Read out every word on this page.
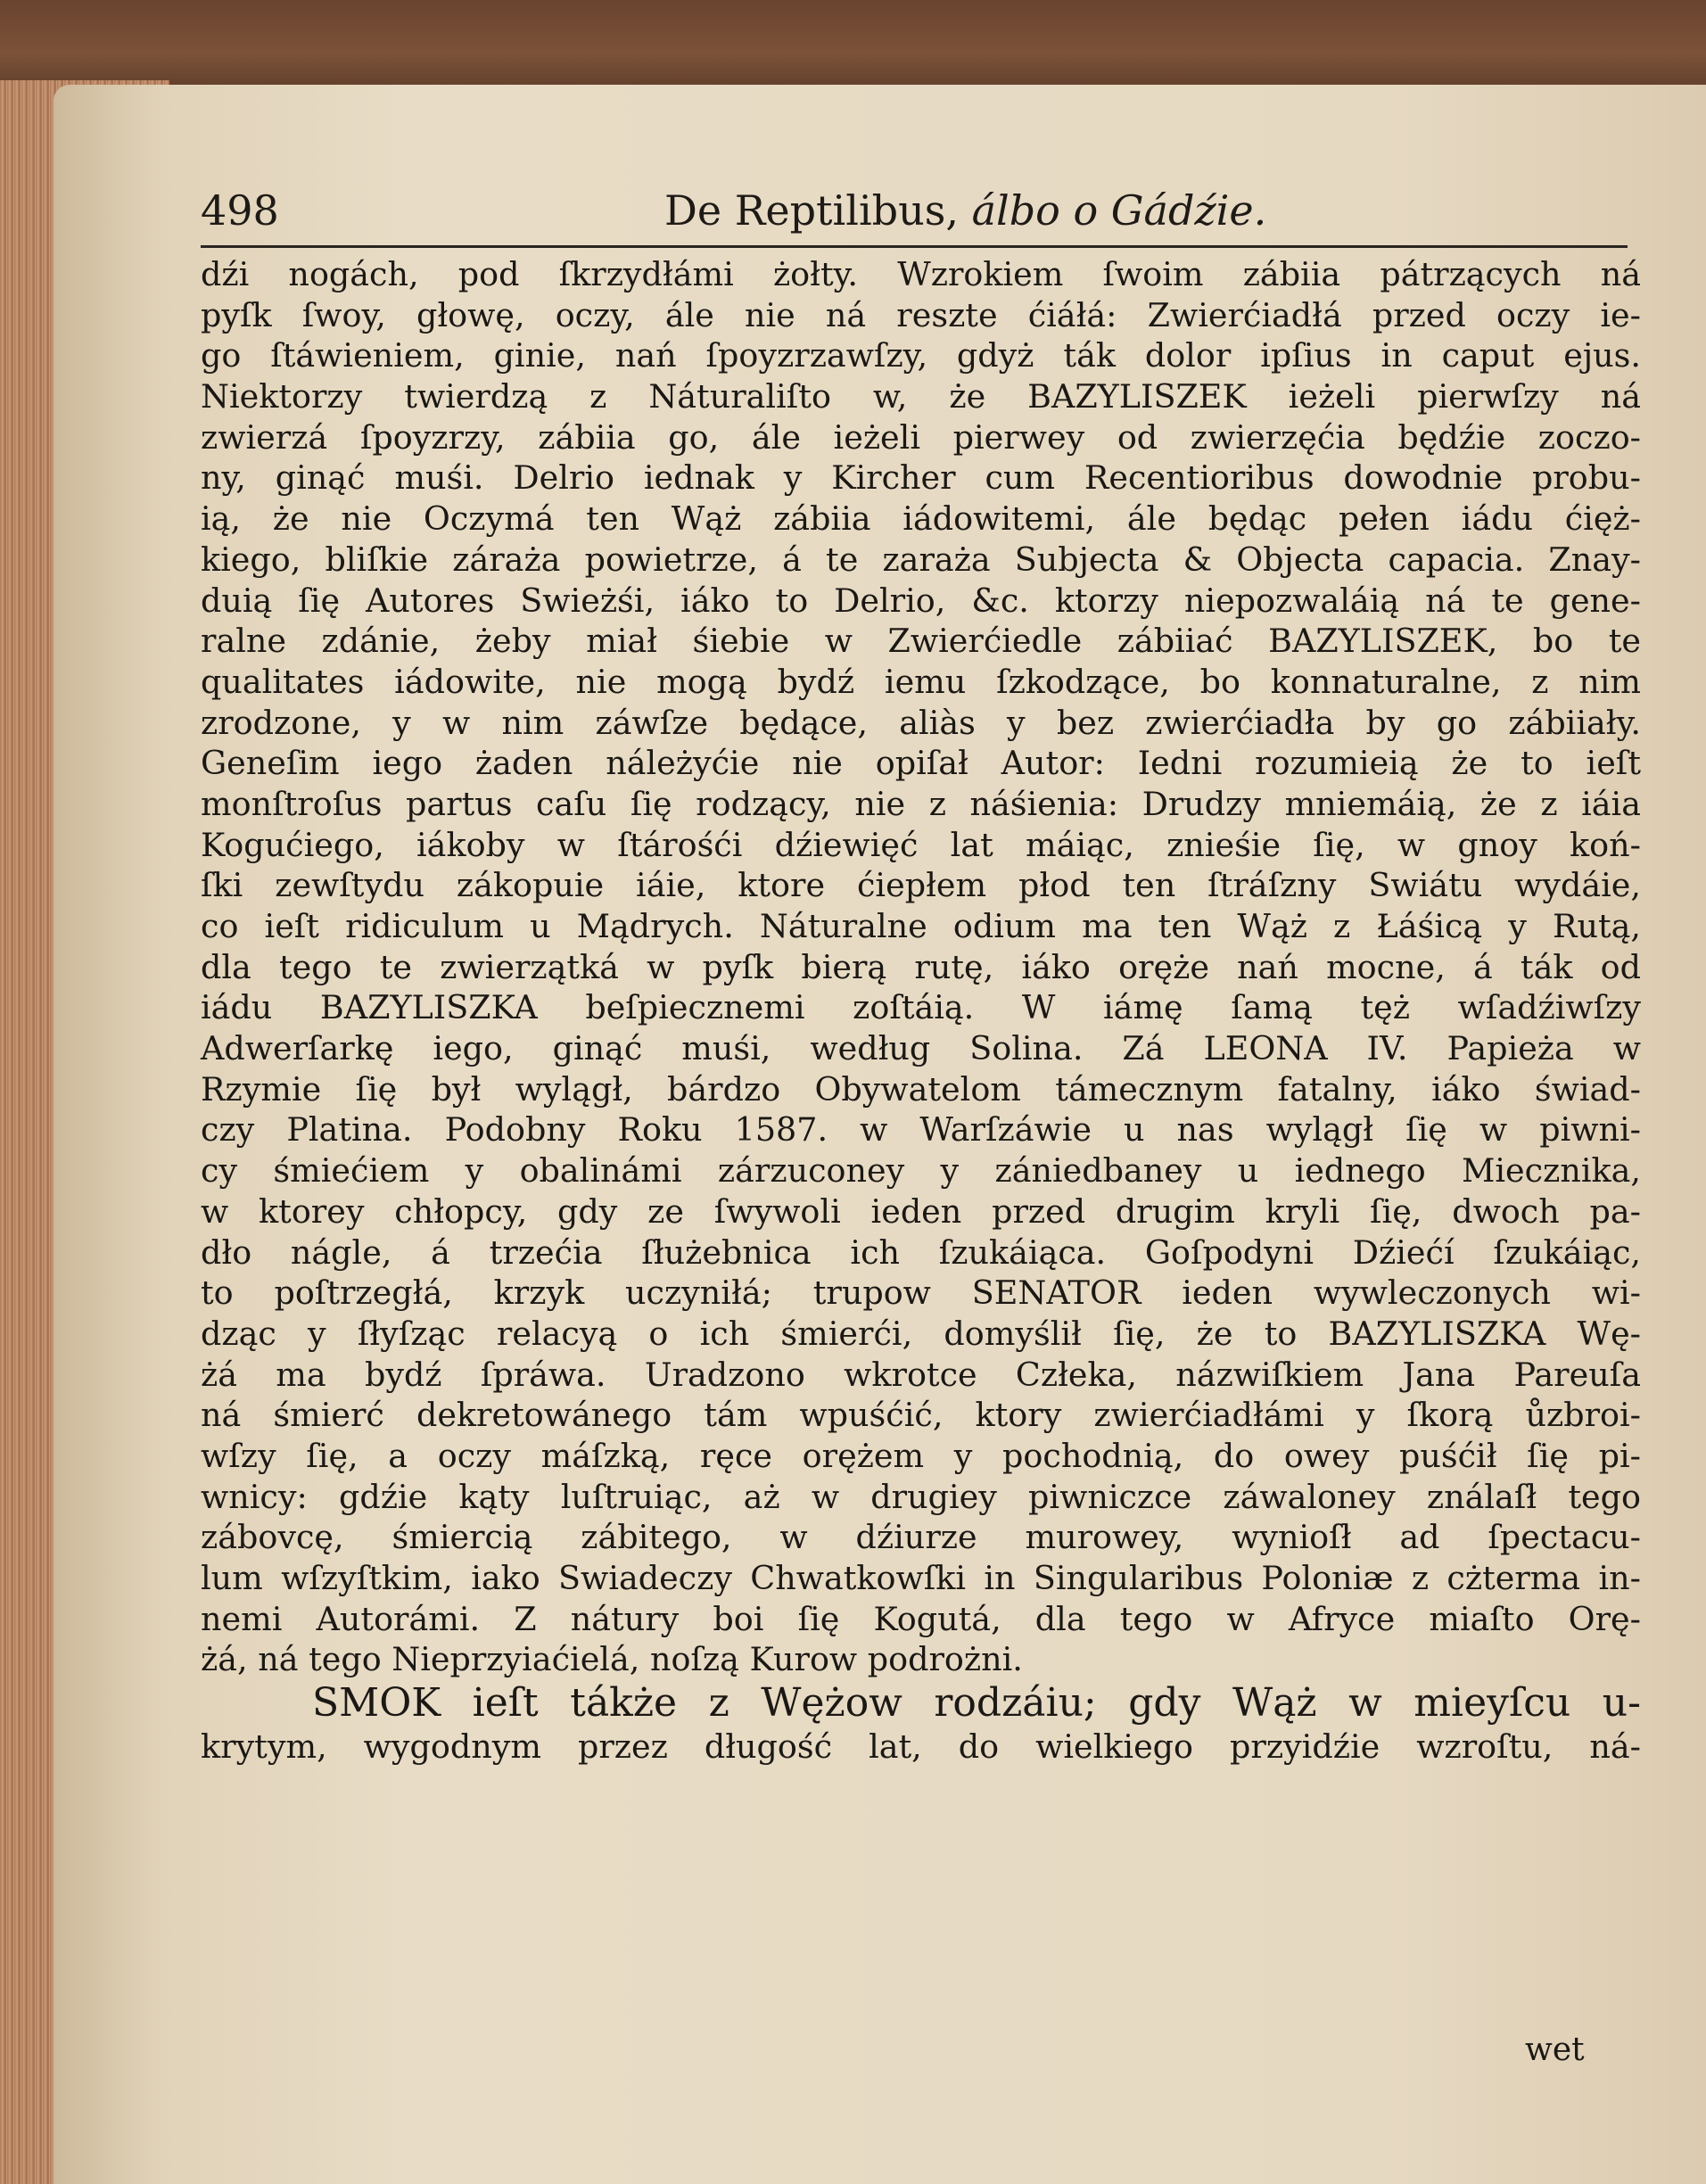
498	De Reptilibus, álbo o Gádźie.
dźi nogách, pod ſkrzydłámi żołty. Wzrokiem ſwoim zábiia pátrzących ná
pyſk ſwoy, głowę, oczy, ále nie ná reszte ćiáłá: Zwierćiadłá przed oczy ie-
go ſtáwieniem, ginie, nań ſpoyzrzawſzy, gdyż ták dolor ipſius in caput ejus.
Niektorzy twierdzą z Náturaliſto w, że BAZYLISZEK ieżeli pierwſzy ná
zwierzá ſpoyzrzy, zábiia go, ále ieżeli pierwey od zwierzęćia będźie zoczo-
ny, ginąć muśi. Delrio iednak y Kircher cum Recentioribus dowodnie probu-
ią, że nie Oczymá ten Wąż zábiia iádowitemi, ále będąc pełen iádu ćięż-
kiego, bliſkie záraża powietrze, á te zaraża Subjecta & Objecta capacia. Znay-
duią ſię Autores Swieżśi, iáko to Delrio, &c. ktorzy niepozwaláią ná te gene-
ralne zdánie, żeby miał śiebie w Zwierćiedle zábiiać BAZYLISZEK, bo te
qualitates iádowite, nie mogą bydź iemu ſzkodzące, bo konnaturalne, z nim
zrodzone, y w nim záwſze będące, aliàs y bez zwierćiadła by go zábiiały.
Geneſim iego żaden náleżyćie nie opiſał Autor: Iedni rozumieią że to ieſt
monſtroſus partus caſu ſię rodzący, nie z náśienia: Drudzy mniemáią, że z iáia
Kogućiego, iákoby w ſtárośći dźiewięć lat máiąc, znieśie ſię, w gnoy koń-
ſki zewſtydu zákopuie iáie, ktore ćiepłem płod ten ſtráſzny Swiátu wydáie,
co ieſt ridiculum u Mądrych. Náturalne odium ma ten Wąż z Łáśicą y Rutą,
dla tego te zwierzątká w pyſk bierą rutę, iáko oręże nań mocne, á ták od
iádu BAZYLISZKA beſpiecznemi zoſtáią. W iámę ſamą tęż wſadźiwſzy
Adwerſarkę iego, ginąć muśi, według Solina. Zá LEONA IV. Papieża w
Rzymie ſię był wylągł, bárdzo Obywatelom támecznym fatalny, iáko świad-
czy Platina. Podobny Roku 1587. w Warſzáwie u nas wylągł ſię w piwni-
cy śmiećiem y obalinámi zárzuconey y zániedbaney u iednego Miecznika,
w ktorey chłopcy, gdy ze ſwywoli ieden przed drugim kryli ſię, dwoch pa-
dło nágle, á trzećia ſłużebnica ich ſzukáiąca. Goſpodyni Dźiećí ſzukáiąc,
to poſtrzegłá, krzyk uczyniłá; trupow SENATOR ieden wywleczonych wi-
dząc y ſłyſząc relacyą o ich śmierći, domyślił ſię, że to BAZYLISZKA Wę-
żá ma bydź ſpráwa. Uradzono wkrotce Człeka, názwiſkiem Jana Pareuſa
ná śmierć dekretowánego tám wpuśćić, ktory zwierćiadłámi y ſkorą ůzbroi-
wſzy ſię, a oczy máſzką, ręce orężem y pochodnią, do owey puśćił ſię pi-
wnicy: gdźie kąty luſtruiąc, aż w drugiey piwniczce záwaloney ználaſł tego
zábovcę, śmiercią zábitego, w dźiurze murowey, wynioſł ad ſpectacu-
lum wſzyſtkim, iako Swiadeczy Chwatkowſki in Singularibus Poloniæ z cżterma in-
nemi Autorámi. Z nátury boi ſię Kogutá, dla tego w Afryce miaſto Orę-
żá, ná tego Nieprzyiaćielá, noſzą Kurow podrożni.
SMOK ieſt tákże z Wężow rodzáiu; gdy Wąż w mieyſcu u-
krytym, wygodnym przez długość lat, do wielkiego przyidźie wzroſtu, ná-
wet
